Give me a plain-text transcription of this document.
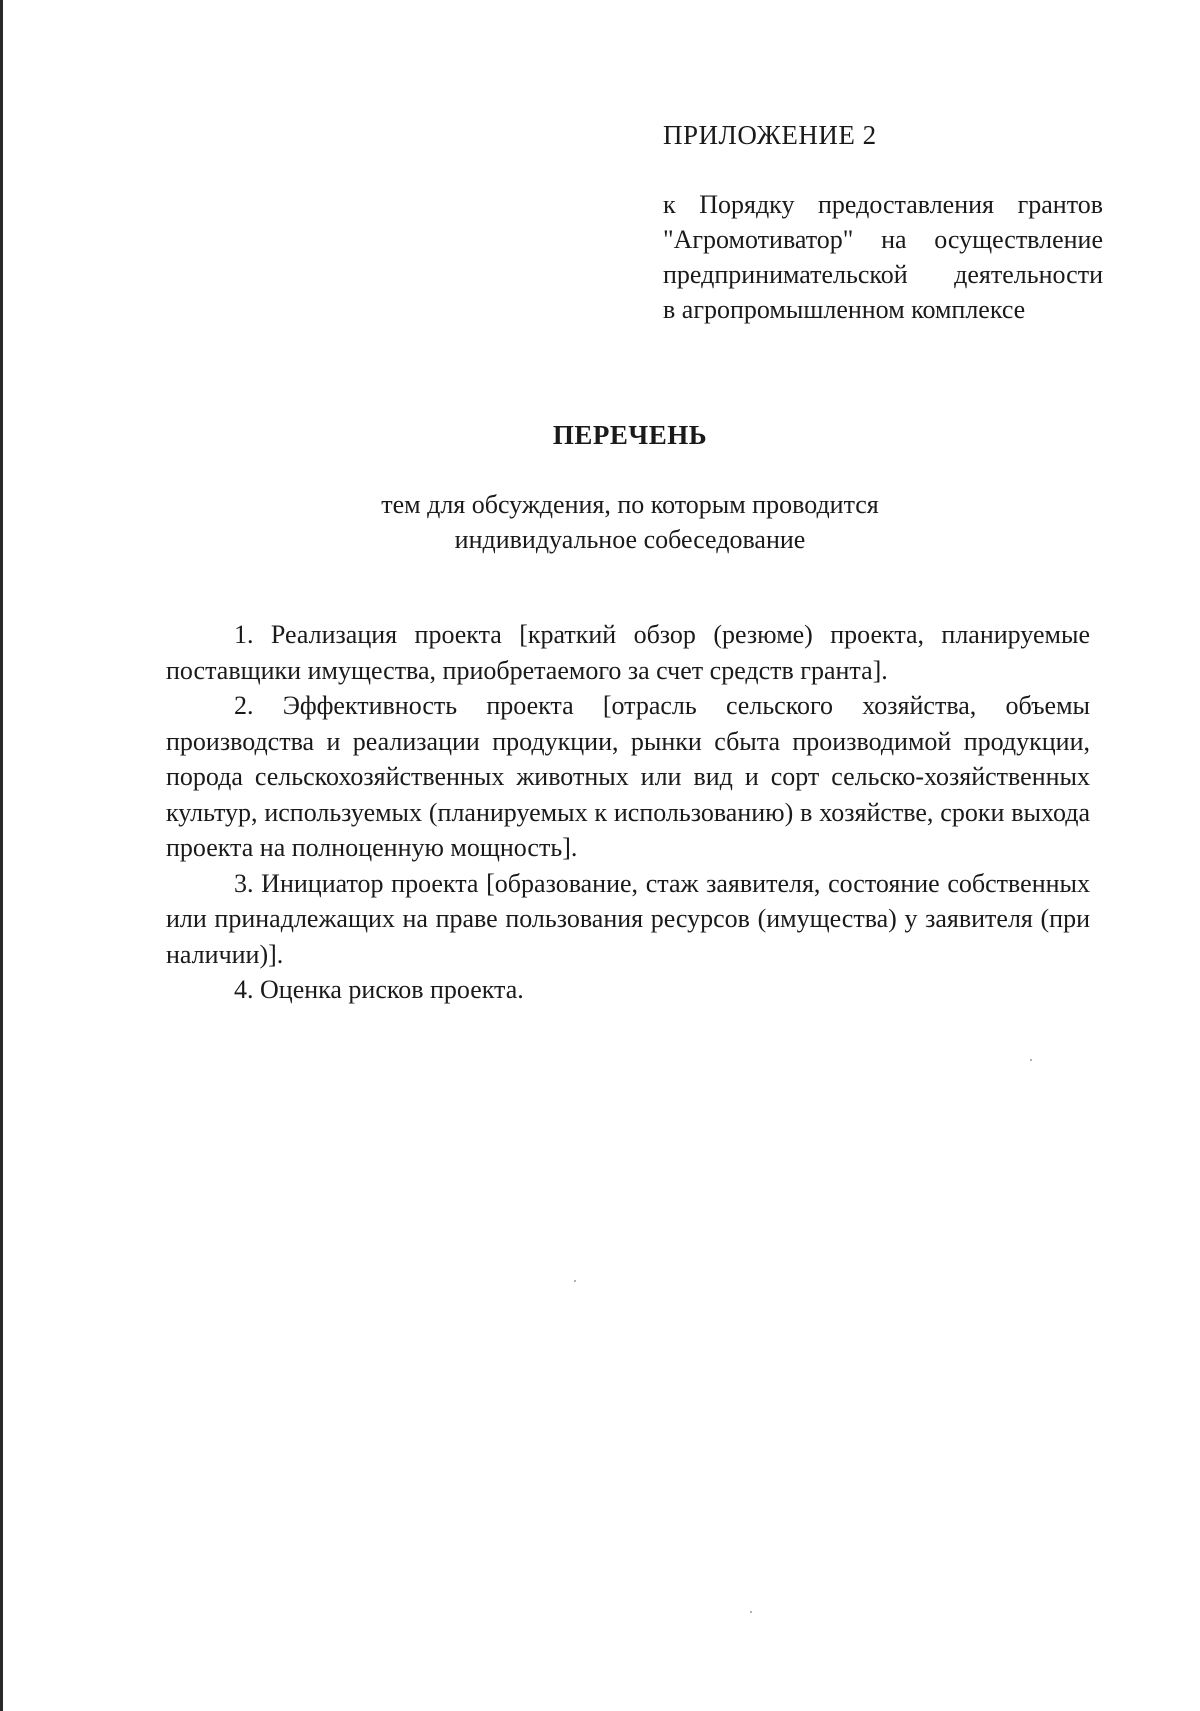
ПРИЛОЖЕНИЕ 2

к Порядку предоставления грантов
"Агромотиватор" на осуществление
предпринимательской деятельности
в агропромышленном комплексе

ПЕРЕЧЕНЬ

тем для обсуждения, по которым проводится
индивидуальное собеседование

1. Реализация проекта [краткий обзор (резюме) проекта, планируемые поставщики имущества, приобретаемого за счет средств гранта].
2. Эффективность проекта [отрасль сельского хозяйства, объемы производства и реализации продукции, рынки сбыта производимой продукции, порода сельскохозяйственных животных или вид и сорт сельско-хозяйственных культур, используемых (планируемых к использованию) в хозяйстве, сроки выхода проекта на полноценную мощность].
3. Инициатор проекта [образование, стаж заявителя, состояние собственных или принадлежащих на праве пользования ресурсов (имущества) у заявителя (при наличии)].
4. Оценка рисков проекта.
